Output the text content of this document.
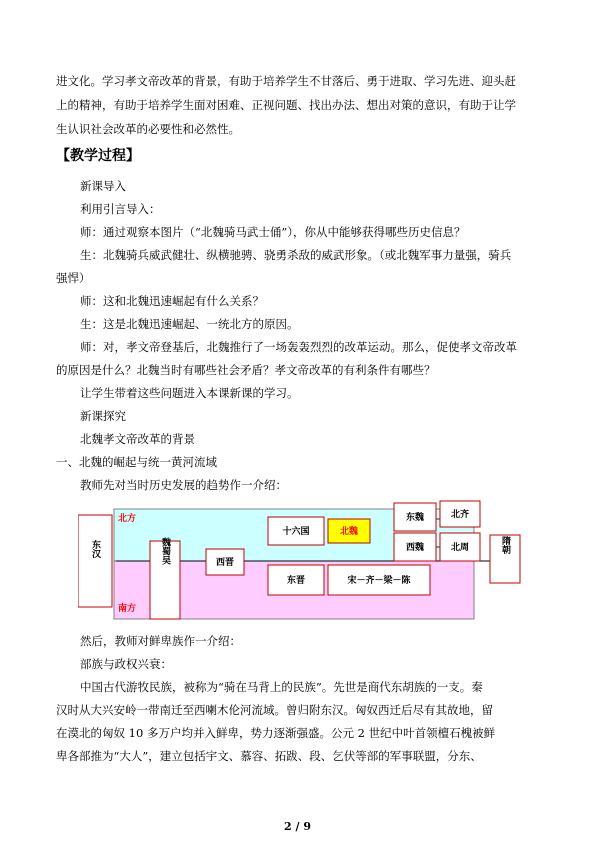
进文化。学习孝文帝改革的背景，有助于培养学生不甘落后、勇于进取、学习先进、迎头赶
上的精神，有助于培养学生面对困难、正视问题、找出办法、想出对策的意识，有助于让学
生认识社会改革的必要性和必然性。
【教学过程】
新课导入
利用引言导入：
师：通过观察本图片（“北魏骑马武士俑”），你从中能够获得哪些历史信息？
生：北魏骑兵威武健壮、纵横驰骋、骁勇杀敌的威武形象。（或北魏军事力量强，骑兵
强悍）
师：这和北魏迅速崛起有什么关系？
生：这是北魏迅速崛起、一统北方的原因。
师：对，孝文帝登基后，北魏推行了一场轰轰烈烈的改革运动。那么，促使孝文帝改革
的原因是什么？北魏当时有哪些社会矛盾？孝文帝改革的有利条件有哪些？
让学生带着这些问题进入本课新课的学习。
新课探究
北魏孝文帝改革的背景
一、北魏的崛起与统一黄河流域
教师先对当时历史发展的趋势作一介绍：
北方
南方
东汉	魏蜀吴	西晋
十六国	北魏
东晋	宋－齐－梁－陈
东魏
西魏
北齐
北周	隋朝
然后，教师对鲜卑族作一介绍：
部族与政权兴衰：
中国古代游牧民族，被称为“骑在马背上的民族”。先世是商代东胡族的一支。秦
汉时从大兴安岭一带南迁至西喇木伦河流域。曾归附东汉。匈奴西迁后尽有其故地，留
在漠北的匈奴 10 多万户均并入鲜卑，势力逐渐强盛。公元 2 世纪中叶首领檀石槐被鲜
卑各部推为“大人”，建立包括宇文、慕容、拓跋、段、乞伏等部的军事联盟，分东、
2 / 9
